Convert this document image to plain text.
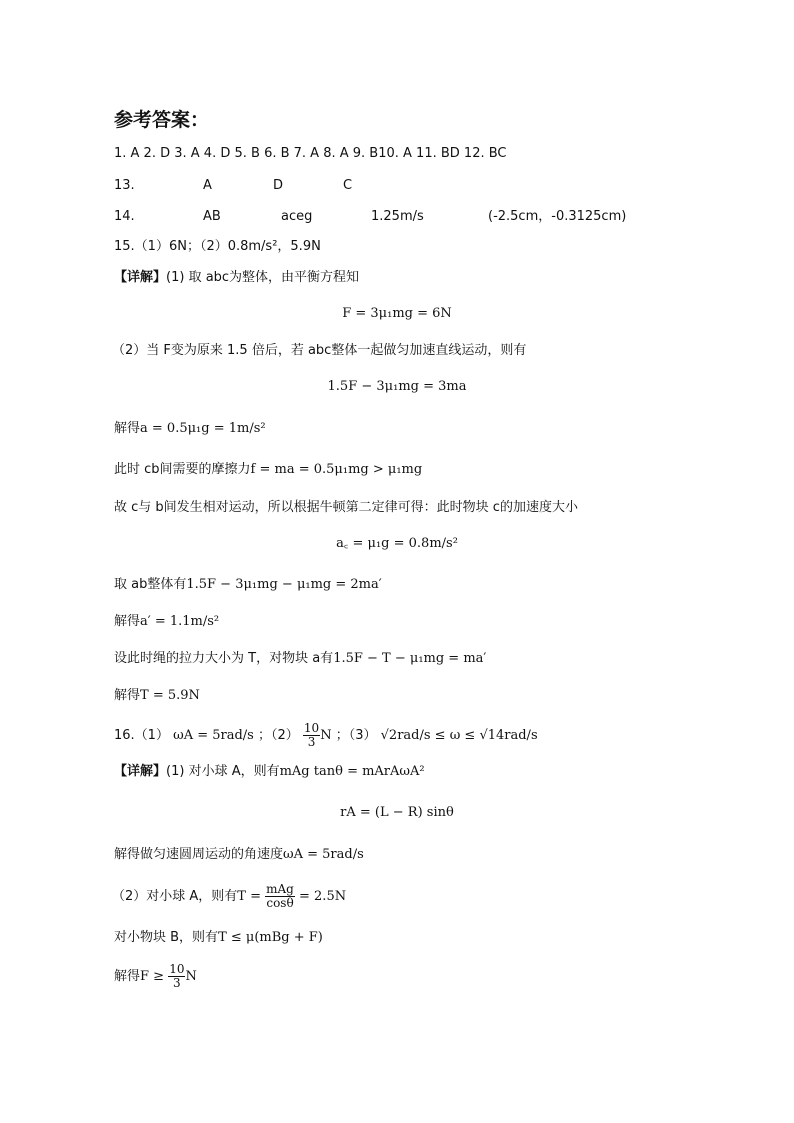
参考答案：
1. A 2. D 3. A 4. D 5. B 6. B 7. A 8. A 9. B10. A 11. BD 12. BC
13.	A	D	C
14.	AB	aceg	1.25m/s	(-2.5cm，-0.3125cm)
15.（1）6N；（2）0.8m/s²，5.9N
【详解】(1) 取 abc为整体，由平衡方程知
F = 3μ₁mg = 6N
（2）当 F变为原来 1.5 倍后，若 abc整体一起做匀加速直线运动，则有
1.5F − 3μ₁mg = 3ma
解得a = 0.5μ₁g = 1m/s²
此时 cb间需要的摩擦力f = ma = 0.5μ₁mg > μ₁mg
故 c与 b间发生相对运动，所以根据牛顿第二定律可得：此时物块 c的加速度大小
a꜀ = μ₁g = 0.8m/s²
取 ab整体有1.5F − 3μ₁mg − μ₁mg = 2ma′
解得a′ = 1.1m/s²
设此时绳的拉力大小为 T，对物块 a有1.5F − T − μ₁mg = ma′
解得T = 5.9N
16.（1） ωA = 5rad/s ；$(2) \frac{10}{3}$ N ；（3） √2rad/s ≤ ω ≤ √14rad/s
【详解】(1) 对小球 A，则有mAg tanθ = mArAωA²
rA = (L − R) sinθ
解得做匀速圆周运动的角速度ωA = 5rad/s
（2）对小球 A，则有$T = \frac{\text{mAg}}{\cos\theta} = 2.5N$
对小物块 B，则有T ≤ μ(mBg + F)
解得$F \ge \frac{10}{3}$ N
